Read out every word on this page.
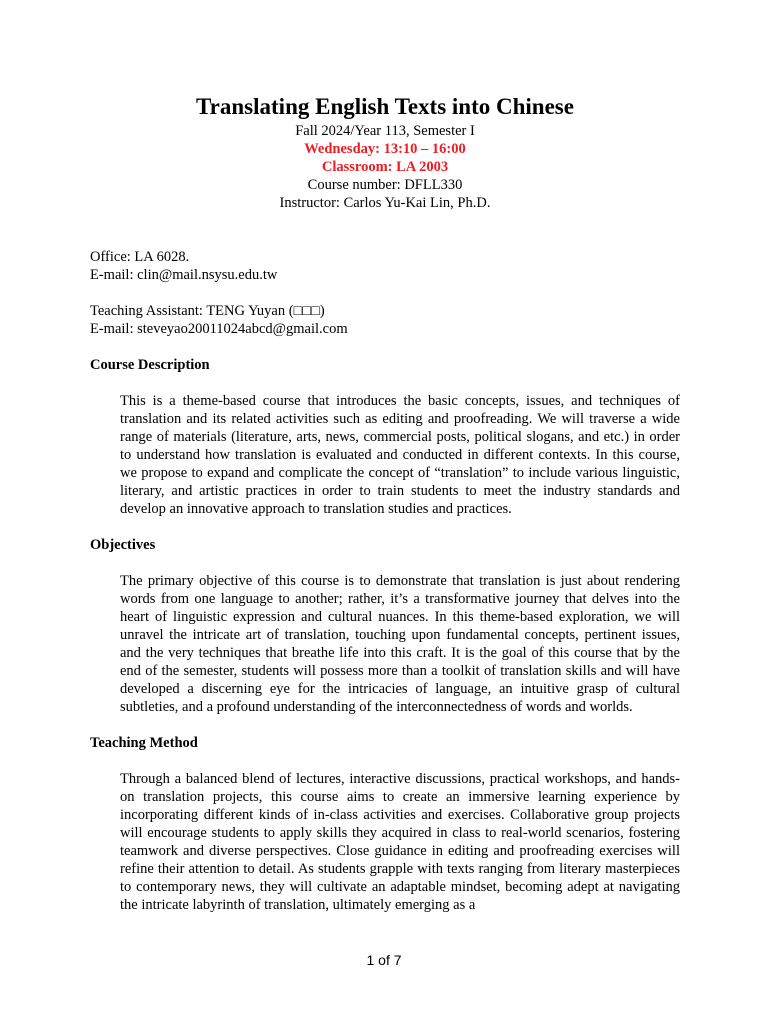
Translating English Texts into Chinese
Fall 2024/Year 113, Semester I
Wednesday: 13:10 – 16:00
Classroom: LA 2003
Course number: DFLL330
Instructor: Carlos Yu-Kai Lin, Ph.D.
Office: LA 6028.
E-mail: clin@mail.nsysu.edu.tw
Teaching Assistant: TENG Yuyan (□□□)
E-mail: steveyao20011024abcd@gmail.com
Course Description
This is a theme-based course that introduces the basic concepts, issues, and techniques of translation and its related activities such as editing and proofreading. We will traverse a wide range of materials (literature, arts, news, commercial posts, political slogans, and etc.) in order to understand how translation is evaluated and conducted in different contexts. In this course, we propose to expand and complicate the concept of “translation” to include various linguistic, literary, and artistic practices in order to train students to meet the industry standards and develop an innovative approach to translation studies and practices.
Objectives
The primary objective of this course is to demonstrate that translation is just about rendering words from one language to another; rather, it’s a transformative journey that delves into the heart of linguistic expression and cultural nuances. In this theme-based exploration, we will unravel the intricate art of translation, touching upon fundamental concepts, pertinent issues, and the very techniques that breathe life into this craft. It is the goal of this course that by the end of the semester, students will possess more than a toolkit of translation skills and will have developed a discerning eye for the intricacies of language, an intuitive grasp of cultural subtleties, and a profound understanding of the interconnectedness of words and worlds.
Teaching Method
Through a balanced blend of lectures, interactive discussions, practical workshops, and hands-on translation projects, this course aims to create an immersive learning experience by incorporating different kinds of in-class activities and exercises. Collaborative group projects will encourage students to apply skills they acquired in class to real-world scenarios, fostering teamwork and diverse perspectives. Close guidance in editing and proofreading exercises will refine their attention to detail. As students grapple with texts ranging from literary masterpieces to contemporary news, they will cultivate an adaptable mindset, becoming adept at navigating the intricate labyrinth of translation, ultimately emerging as a
1 of 7
